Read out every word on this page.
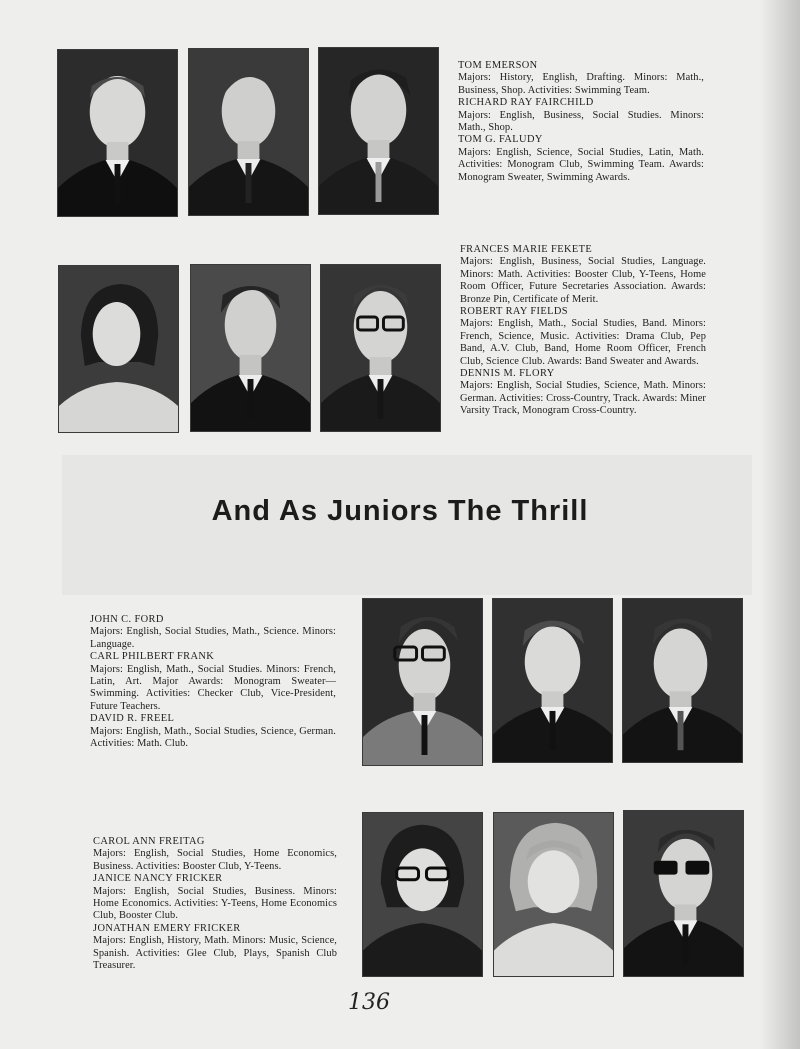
TOM EMERSON
Majors: History, English, Drafting. Minors: Math., Business, Shop. Activities: Swimming Team.
RICHARD RAY FAIRCHILD
Majors: English, Business, Social Studies. Minors: Math., Shop.
TOM G. FALUDY
Majors: English, Science, Social Studies, Latin, Math. Activities: Monogram Club, Swimming Team. Awards: Monogram Sweater, Swimming Awards.
FRANCES MARIE FEKETE
Majors: English, Business, Social Studies, Language. Minors: Math. Activities: Booster Club, Y-Teens, Home Room Officer, Future Secretaries Association. Awards: Bronze Pin, Certificate of Merit.
ROBERT RAY FIELDS
Majors: English, Math., Social Studies, Band. Minors: French, Science, Music. Activities: Drama Club, Pep Band, A.V. Club, Band, Home Room Officer, French Club, Science Club. Awards: Band Sweater and Awards.
DENNIS M. FLORY
Majors: English, Social Studies, Science, Math. Minors: German. Activities: Cross-Country, Track. Awards: Miner Varsity Track, Monogram Cross-Country.
And As Juniors The Thrill
JOHN C. FORD
Majors: English, Social Studies, Math., Science. Minors: Language.
CARL PHILBERT FRANK
Majors: English, Math., Social Studies. Minors: French, Latin, Art. Major Awards: Monogram Sweater—Swimming. Activities: Checker Club, Vice-President, Future Teachers.
DAVID R. FREEL
Majors: English, Math., Social Studies, Science, German. Activities: Math. Club.
CAROL ANN FREITAG
Majors: English, Social Studies, Home Economics, Business. Activities: Booster Club, Y-Teens.
JANICE NANCY FRICKER
Majors: English, Social Studies, Business. Minors: Home Economics. Activities: Y-Teens, Home Economics Club, Booster Club.
JONATHAN EMERY FRICKER
Majors: English, History, Math. Minors: Music, Science, Spanish. Activities: Glee Club, Plays, Spanish Club Treasurer.
136
